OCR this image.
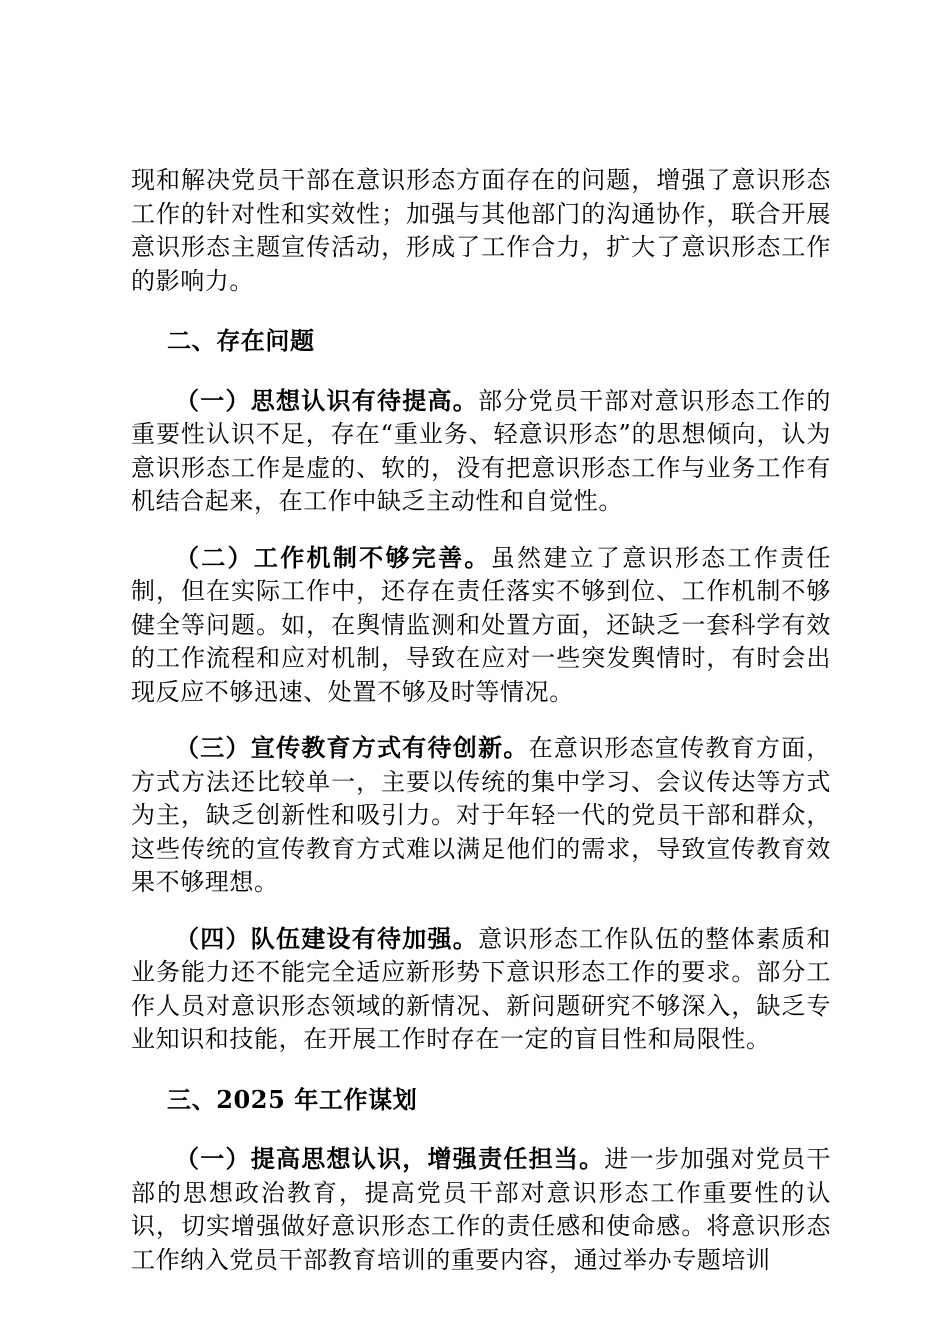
现和解决党员干部在意识形态方面存在的问题，增强了意识形态工作的针对性和实效性；加强与其他部门的沟通协作，联合开展意识形态主题宣传活动，形成了工作合力，扩大了意识形态工作的影响力。

二、存在问题

（一）思想认识有待提高。部分党员干部对意识形态工作的重要性认识不足，存在“重业务、轻意识形态”的思想倾向，认为意识形态工作是虚的、软的，没有把意识形态工作与业务工作有机结合起来，在工作中缺乏主动性和自觉性。

（二）工作机制不够完善。虽然建立了意识形态工作责任制，但在实际工作中，还存在责任落实不够到位、工作机制不够健全等问题。如，在舆情监测和处置方面，还缺乏一套科学有效的工作流程和应对机制，导致在应对一些突发舆情时，有时会出现反应不够迅速、处置不够及时等情况。

（三）宣传教育方式有待创新。在意识形态宣传教育方面，方式方法还比较单一，主要以传统的集中学习、会议传达等方式为主，缺乏创新性和吸引力。对于年轻一代的党员干部和群众，这些传统的宣传教育方式难以满足他们的需求，导致宣传教育效果不够理想。

（四）队伍建设有待加强。意识形态工作队伍的整体素质和业务能力还不能完全适应新形势下意识形态工作的要求。部分工作人员对意识形态领域的新情况、新问题研究不够深入，缺乏专业知识和技能，在开展工作时存在一定的盲目性和局限性。

三、2025 年工作谋划

（一）提高思想认识，增强责任担当。进一步加强对党员干部的思想政治教育，提高党员干部对意识形态工作重要性的认识，切实增强做好意识形态工作的责任感和使命感。将意识形态工作纳入党员干部教育培训的重要内容，通过举办专题培训
